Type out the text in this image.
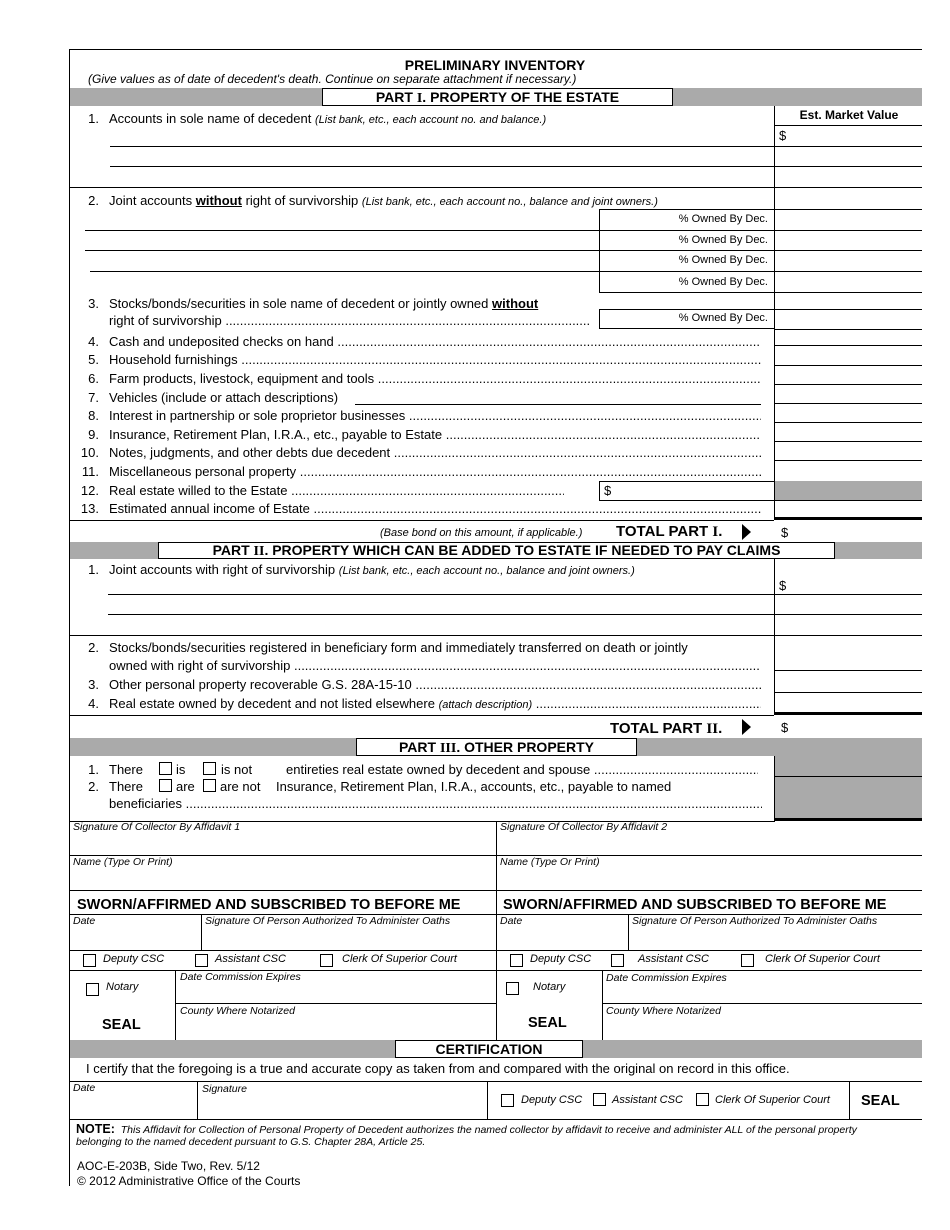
PRELIMINARY INVENTORY
(Give values as of date of decedent's death. Continue on separate attachment if necessary.)
PART I. PROPERTY OF THE ESTATE
Est. Market Value
1. Accounts in sole name of decedent (List bank, etc., each account no. and balance.)
$
2. Joint accounts without right of survivorship (List bank, etc., each account no., balance and joint owners.)
% Owned By Dec.
% Owned By Dec.
% Owned By Dec.
% Owned By Dec.
3. Stocks/bonds/securities in sole name of decedent or jointly owned without
right of survivorship .....	% Owned By Dec.
4. Cash and undeposited checks on hand .....
5. Household furnishings .....
6. Farm products, livestock, equipment and tools .....
7. Vehicles (include or attach descriptions)
8. Interest in partnership or sole proprietor businesses .....
9. Insurance, Retirement Plan, I.R.A., etc., payable to Estate .....
10. Notes, judgments, and other debts due decedent .....
11. Miscellaneous personal property .....
12. Real estate willed to the Estate .....	$
13. Estimated annual income of Estate .....
(Base bond on this amount, if applicable.) TOTAL PART I.	$
PART II. PROPERTY WHICH CAN BE ADDED TO ESTATE IF NEEDED TO PAY CLAIMS
1. Joint accounts with right of survivorship (List bank, etc., each account no., balance and joint owners.)
$
2. Stocks/bonds/securities registered in beneficiary form and immediately transferred on death or jointly
owned with right of survivorship .....
3. Other personal property recoverable G.S. 28A-15-10 .....
4. Real estate owned by decedent and not listed elsewhere (attach description) .....
TOTAL PART II.	$
PART III. OTHER PROPERTY
1. There	is	is not	entireties real estate owned by decedent and spouse .....
2. There	are are not Insurance, Retirement Plan, I.R.A., accounts, etc., payable to named
beneficiaries .....
Signature Of Collector By Affidavit 1	Signature Of Collector By Affidavit 2
Name (Type Or Print)	Name (Type Or Print)
SWORN/AFFIRMED AND SUBSCRIBED TO BEFORE ME	SWORN/AFFIRMED AND SUBSCRIBED TO BEFORE ME
Date	Signature Of Person Authorized To Administer Oaths	Date	Signature Of Person Authorized To Administer Oaths
Deputy CSC	Assistant CSC	Clerk Of Superior Court	Deputy CSC	Assistant CSC	Clerk Of Superior Court
Notary	Notary
Date Commission Expires	Date Commission Expires
County Where Notarized	County Where Notarized
SEAL	SEAL
CERTIFICATION
I certify that the foregoing is a true and accurate copy as taken from and compared with the original on record in this office.
Date	Signature
Deputy CSC	Assistant CSC	Clerk Of Superior Court SEAL
NOTE: This Affidavit for Collection of Personal Property of Decedent authorizes the named collector by affidavit to receive and administer ALL of the personal property
belonging to the named decedent pursuant to G.S. Chapter 28A, Article 25.
AOC-E-203B, Side Two, Rev. 5/12
© 2012 Administrative Office of the Courts
